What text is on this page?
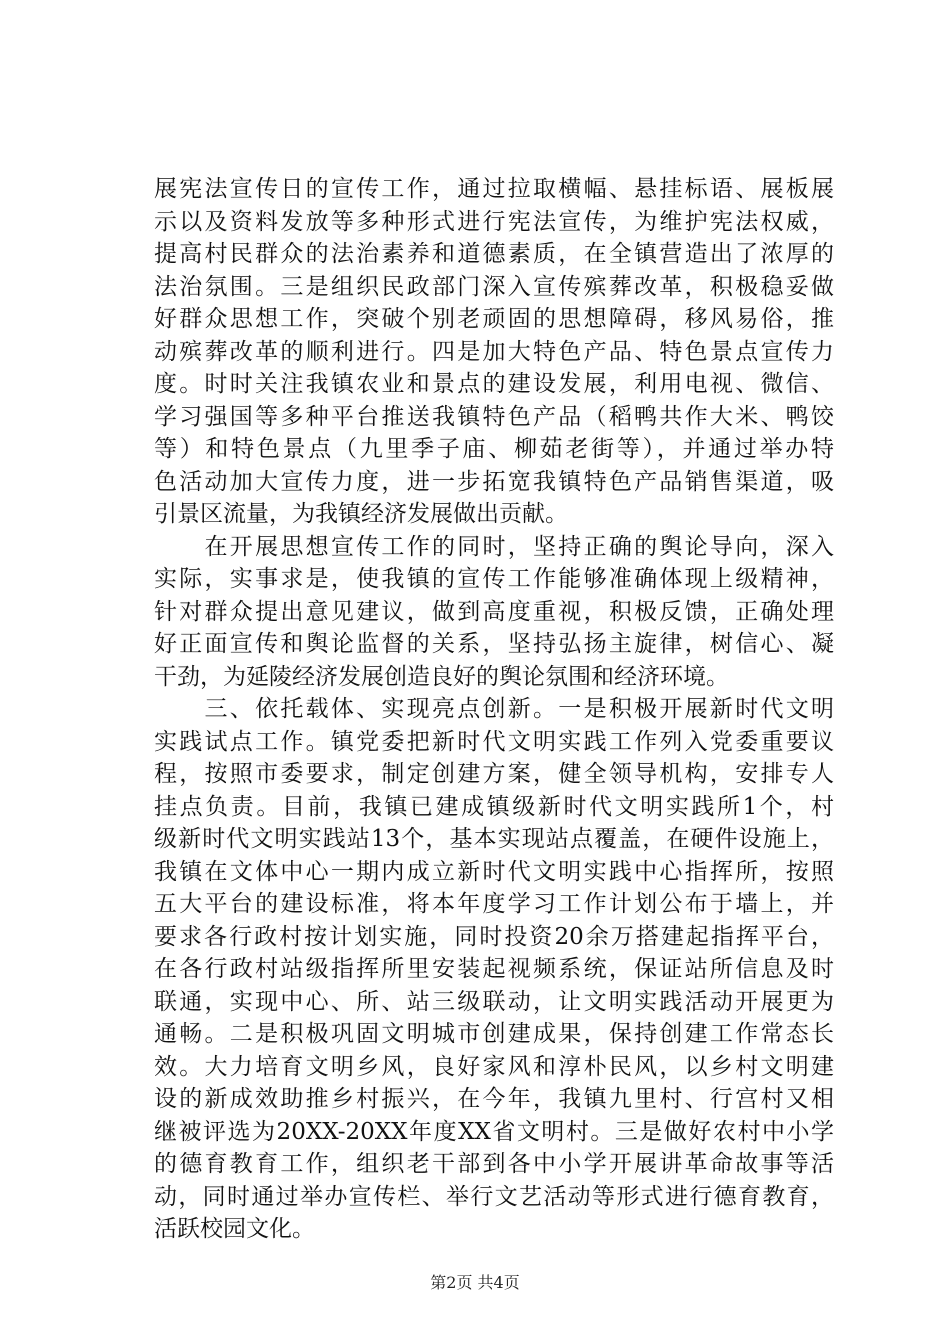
展宪法宣传日的宣传工作，通过拉取横幅、悬挂标语、展板展
示以及资料发放等多种形式进行宪法宣传，为维护宪法权威，
提高村民群众的法治素养和道德素质，在全镇营造出了浓厚的
法治氛围。三是组织民政部门深入宣传殡葬改革，积极稳妥做
好群众思想工作，突破个别老顽固的思想障碍，移风易俗，推
动殡葬改革的顺利进行。四是加大特色产品、特色景点宣传力
度。时时关注我镇农业和景点的建设发展，利用电视、微信、
学习强国等多种平台推送我镇特色产品（稻鸭共作大米、鸭饺
等）和特色景点（九里季子庙、柳茹老街等），并通过举办特
色活动加大宣传力度，进一步拓宽我镇特色产品销售渠道，吸
引景区流量，为我镇经济发展做出贡献。
　　在开展思想宣传工作的同时，坚持正确的舆论导向，深入
实际，实事求是，使我镇的宣传工作能够准确体现上级精神，
针对群众提出意见建议，做到高度重视，积极反馈，正确处理
好正面宣传和舆论监督的关系，坚持弘扬主旋律，树信心、凝
干劲，为延陵经济发展创造良好的舆论氛围和经济环境。
　　三、依托载体、实现亮点创新。一是积极开展新时代文明
实践试点工作。镇党委把新时代文明实践工作列入党委重要议
程，按照市委要求，制定创建方案，健全领导机构，安排专人
挂点负责。目前，我镇已建成镇级新时代文明实践所1个，村
级新时代文明实践站13个，基本实现站点覆盖，在硬件设施上，
我镇在文体中心一期内成立新时代文明实践中心指挥所，按照
五大平台的建设标准，将本年度学习工作计划公布于墙上，并
要求各行政村按计划实施，同时投资20余万搭建起指挥平台，
在各行政村站级指挥所里安装起视频系统，保证站所信息及时
联通，实现中心、所、站三级联动，让文明实践活动开展更为
通畅。二是积极巩固文明城市创建成果，保持创建工作常态长
效。大力培育文明乡风，良好家风和淳朴民风，以乡村文明建
设的新成效助推乡村振兴，在今年，我镇九里村、行宫村又相
继被评选为20XX-20XX年度XX省文明村。三是做好农村中小学
的德育教育工作，组织老干部到各中小学开展讲革命故事等活
动，同时通过举办宣传栏、举行文艺活动等形式进行德育教育，
活跃校园文化。
第2页 共4页
